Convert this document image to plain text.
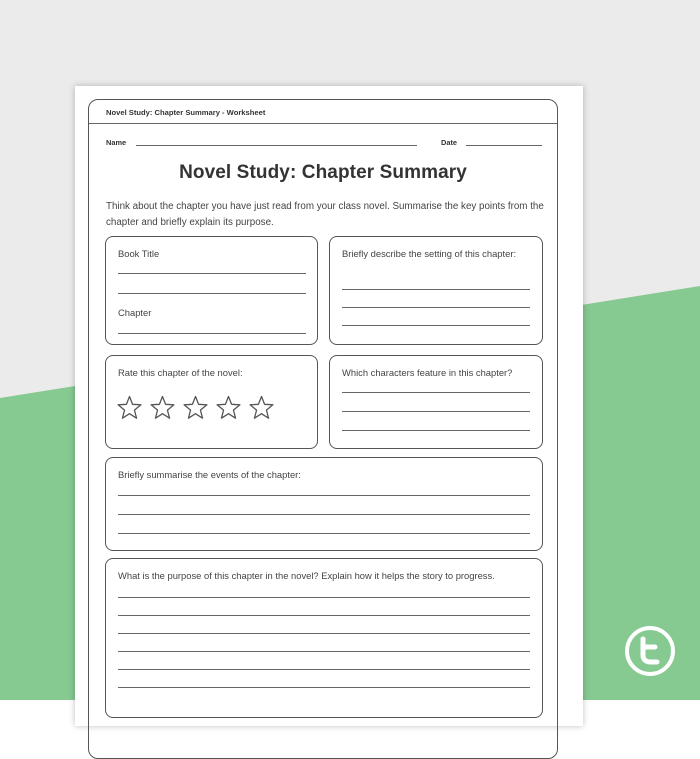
Novel Study: Chapter Summary - Worksheet
Name	Date
Novel Study: Chapter Summary
Think about the chapter you have just read from your class novel. Summarise the key points from the chapter and briefly explain its purpose.
Book Title
Chapter
Briefly describe the setting of this chapter:
Rate this chapter of the novel:	Which characters feature in this chapter?
Briefly summarise the events of the chapter:
What is the purpose of this chapter in the novel? Explain how it helps the story to progress.
